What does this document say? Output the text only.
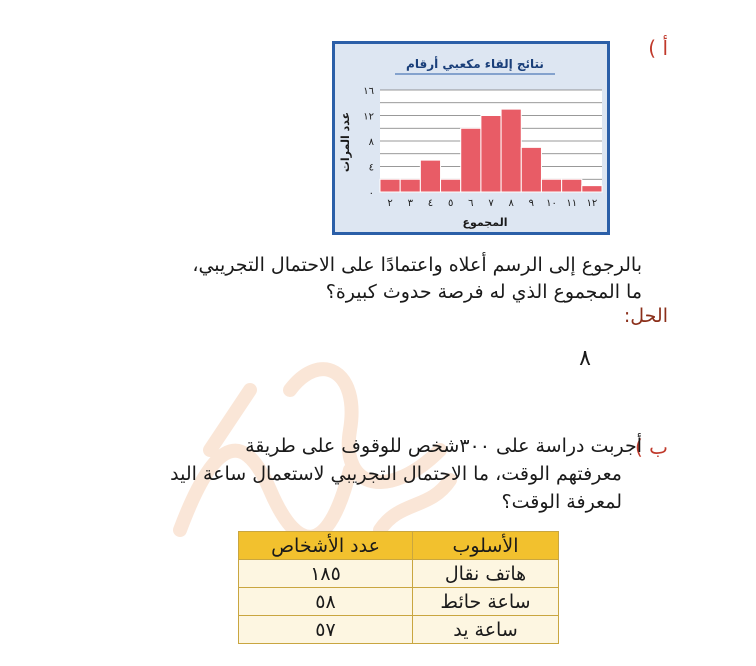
أ )
نتائج إلقاء مكعبي أرقام
٠
٤
٨
١٢
١٦
٢ ٣ ٤ ٥ ٦ ٧ ٨ ٩ ١٠ ١١ ١٢
عدد المرات
المجموع
بالرجوع إلى الرسم أعلاه واعتمادًا على الاحتمال التجريبي،
ما المجموع الذي له فرصة حدوث كبيرة؟
الحل:
٨
ب )
أجربت دراسة على ٣٠٠شخص للوقوف على طريقة
معرفتهم الوقت، ما الاحتمال التجريبي لاستعمال ساعة اليد
لمعرفة الوقت؟
الأسلوب	عدد الأشخاص
هاتف نقال	١٨٥
ساعة حائط	٥٨
ساعة يد	٥٧
